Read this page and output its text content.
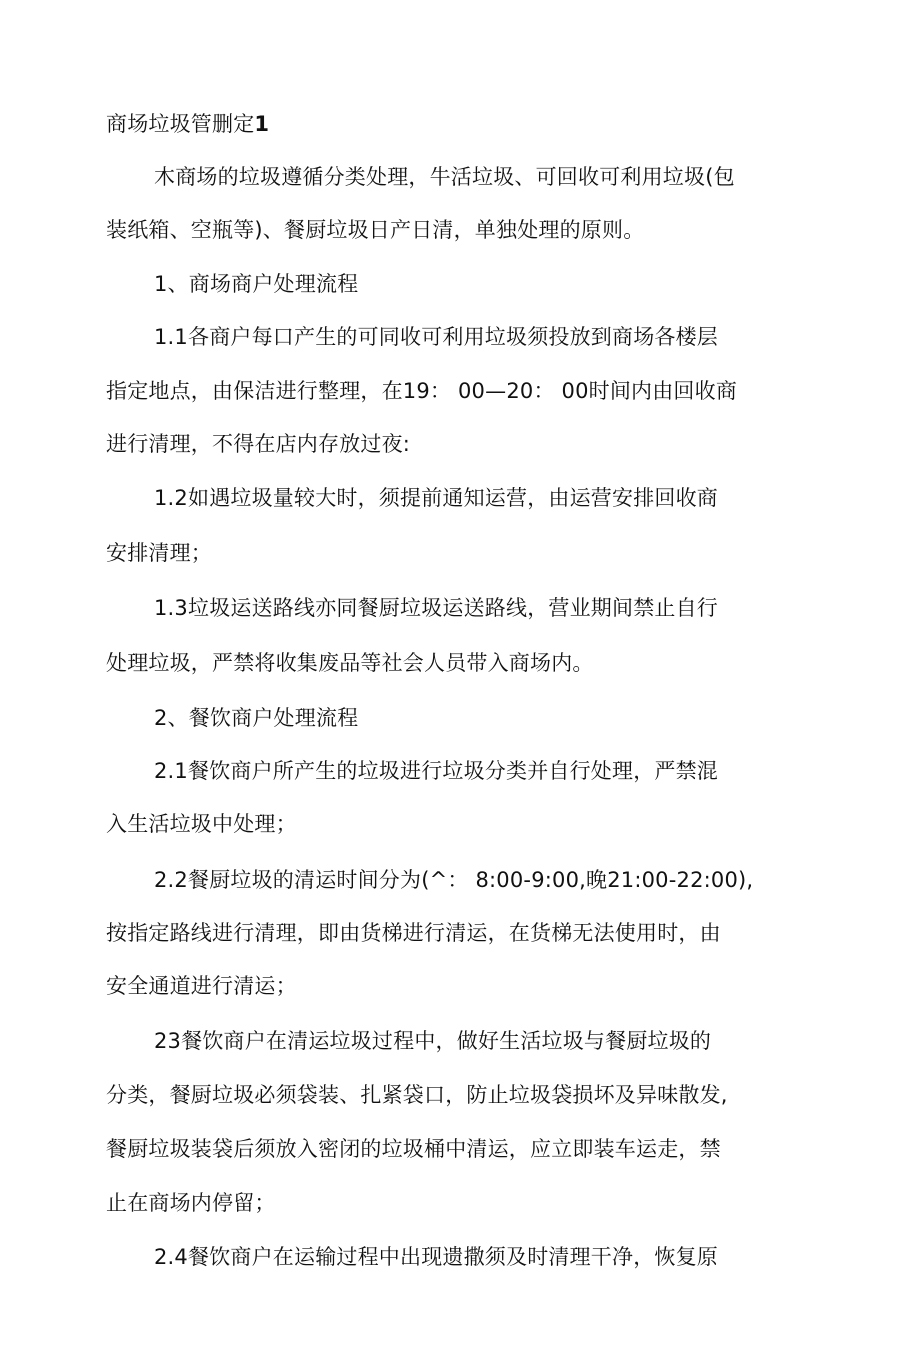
商场垃圾管删定1
木商场的垃圾遵循分类处理，牛活垃圾、可回收可利用垃圾(包
装纸箱、空瓶等)、餐厨垃圾日产日清，单独处理的原则。
1、商场商户处理流程
1.1各商户每口产生的可同收可利用垃圾须投放到商场各楼层
指定地点，由保洁进行整理，在19： 00—20： 00时间内由回收商
进行清理，不得在店内存放过夜:
1.2如遇垃圾量较大时，须提前通知运营，由运营安排回收商
安排清理；
1.3垃圾运送路线亦同餐厨垃圾运送路线，营业期间禁止自行
处理垃圾，严禁将收集废品等社会人员带入商场内。
2、餐饮商户处理流程
2.1餐饮商户所产生的垃圾进行垃圾分类并自行处理，严禁混
入生活垃圾中处理；
2.2餐厨垃圾的清运时间分为(^： 8:00-9:00,晚21:00-22:00),
按指定路线进行清理，即由货梯进行清运，在货梯无法使用时，由
安全通道进行清运；
23餐饮商户在清运垃圾过程中，做好生活垃圾与餐厨垃圾的
分类，餐厨垃圾必须袋装、扎紧袋口，防止垃圾袋损坏及异味散发,
餐厨垃圾装袋后须放入密闭的垃圾桶中清运，应立即装车运走，禁
止在商场内停留；
2.4餐饮商户在运输过程中出现遗撒须及时清理干净，恢复原
